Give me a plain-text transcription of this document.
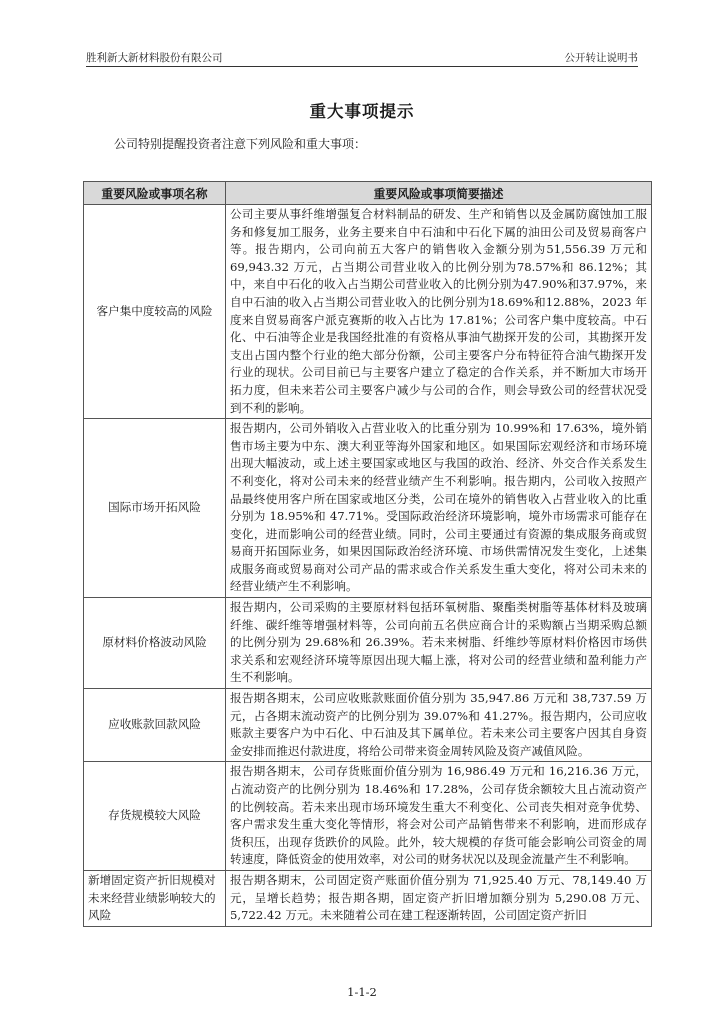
胜利新大新材料股份有限公司	公开转让说明书
重大事项提示
公司特别提醒投资者注意下列风险和重大事项：
重要风险或事项名称	重要风险或事项简要描述
客户集中度较高的风险	公司主要从事纤维增强复合材料制品的研发、生产和销售以及金属防腐蚀加工服务和修复加工服务，业务主要来自中石油和中石化下属的油田公司及贸易商客户等。报告期内，公司向前五大客户的销售收入金额分别为51,556.39 万元和 69,943.32 万元，占当期公司营业收入的比例分别为78.57%和 86.12%；其中，来自中石化的收入占当期公司营业收入的比例分别为47.90%和37.97%，来自中石油的收入占当期公司营业收入的比例分别为18.69%和12.88%，2023 年度来自贸易商客户派克赛斯的收入占比为 17.81%；公司客户集中度较高。中石化、中石油等企业是我国经批准的有资格从事油气勘探开发的公司，其勘探开发支出占国内整个行业的绝大部分份额，公司主要客户分布特征符合油气勘探开发行业的现状。公司目前已与主要客户建立了稳定的合作关系，并不断加大市场开拓力度，但未来若公司主要客户减少与公司的合作，则会导致公司的经营状况受到不利的影响。
国际市场开拓风险	报告期内，公司外销收入占营业收入的比重分别为 10.99%和 17.63%，境外销售市场主要为中东、澳大利亚等海外国家和地区。如果国际宏观经济和市场环境出现大幅波动，或上述主要国家或地区与我国的政治、经济、外交合作关系发生不利变化，将对公司未来的经营业绩产生不利影响。报告期内，公司收入按照产品最终使用客户所在国家或地区分类，公司在境外的销售收入占营业收入的比重分别为 18.95%和 47.71%。受国际政治经济环境影响，境外市场需求可能存在变化，进而影响公司的经营业绩。同时，公司主要通过有资源的集成服务商或贸易商开拓国际业务，如果因国际政治经济环境、市场供需情况发生变化，上述集成服务商或贸易商对公司产品的需求或合作关系发生重大变化，将对公司未来的经营业绩产生不利影响。
原材料价格波动风险	报告期内，公司采购的主要原材料包括环氧树脂、聚酯类树脂等基体材料及玻璃纤维、碳纤维等增强材料等，公司向前五名供应商合计的采购额占当期采购总额的比例分别为 29.68%和 26.39%。若未来树脂、纤维纱等原材料价格因市场供求关系和宏观经济环境等原因出现大幅上涨，将对公司的经营业绩和盈利能力产生不利影响。
应收账款回款风险	报告期各期末，公司应收账款账面价值分别为 35,947.86 万元和 38,737.59 万元，占各期末流动资产的比例分别为 39.07%和 41.27%。报告期内，公司应收账款主要客户为中石化、中石油及其下属单位。若未来公司主要客户因其自身资金安排而推迟付款进度，将给公司带来资金周转风险及资产减值风险。
存货规模较大风险	报告期各期末，公司存货账面价值分别为 16,986.49 万元和 16,216.36 万元，占流动资产的比例分别为 18.46%和 17.28%，公司存货余额较大且占流动资产的比例较高。若未来出现市场环境发生重大不利变化、公司丧失相对竞争优势、客户需求发生重大变化等情形，将会对公司产品销售带来不利影响，进而形成存货积压，出现存货跌价的风险。此外，较大规模的存货可能会影响公司资金的周转速度，降低资金的使用效率，对公司的财务状况以及现金流量产生不利影响。
新增固定资产折旧规模对未来经营业绩影响较大的风险	报告期各期末，公司固定资产账面价值分别为 71,925.40 万元、78,149.40 万元，呈增长趋势；报告期各期，固定资产折旧增加额分别为 5,290.08 万元、5,722.42 万元。未来随着公司在建工程逐渐转固，公司固定资产折旧
1-1-2
